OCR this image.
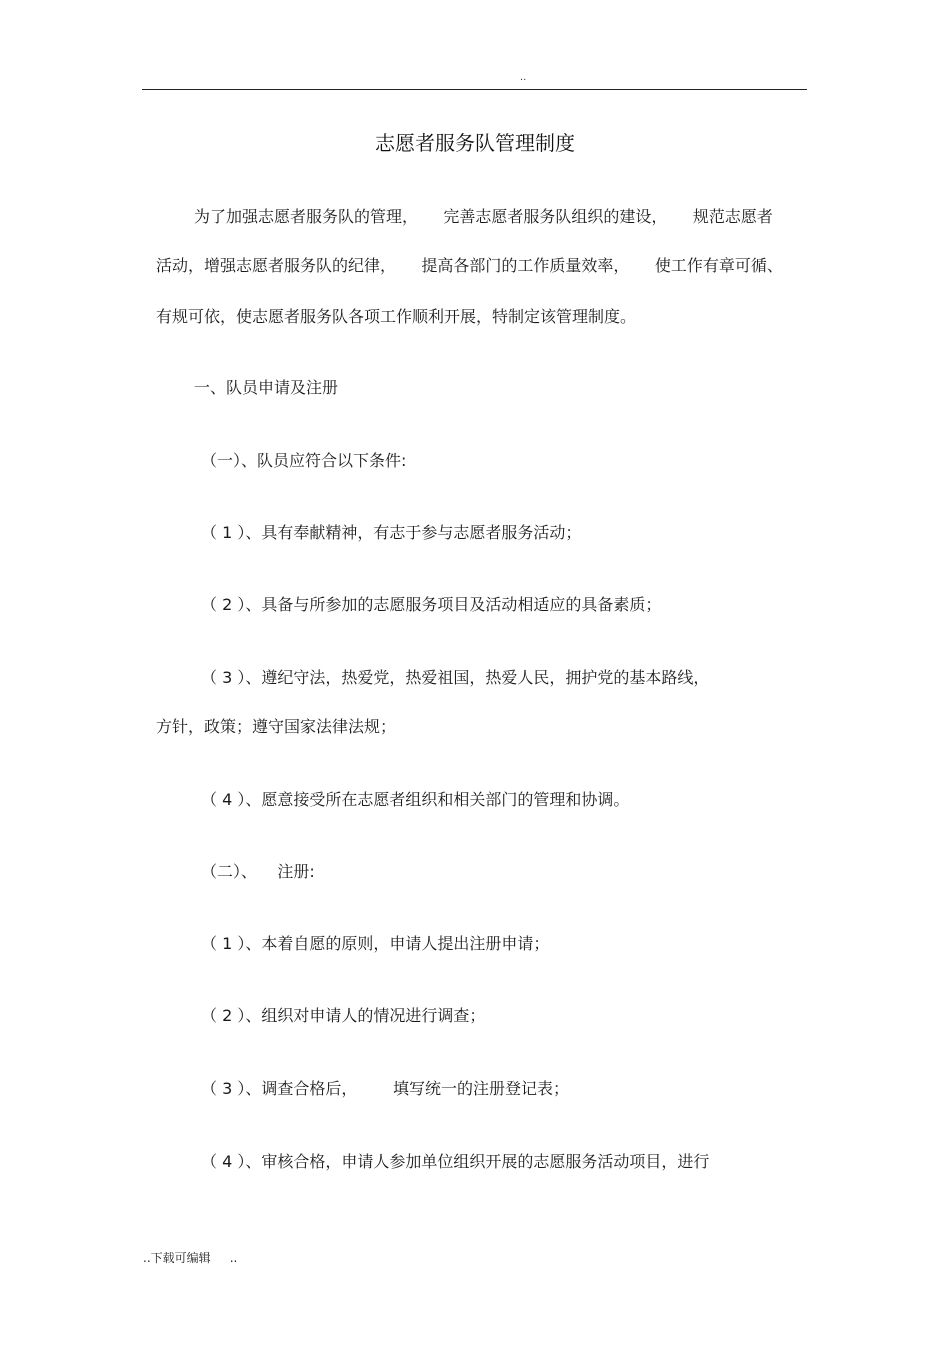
..
志愿者服务队管理制度
为了加强志愿者服务队的管理，     完善志愿者服务队组织的建设，     规范志愿者
活动，增强志愿者服务队的纪律，     提高各部门的工作质量效率，     使工作有章可循、
有规可依，使志愿者服务队各项工作顺利开展，特制定该管理制度。
一、队员申请及注册
（一）、队员应符合以下条件:
（ 1 ）、具有奉献精神，有志于参与志愿者服务活动；
（ 2 ）、具备与所参加的志愿服务项目及活动相适应的具备素质；
（ 3 ）、遵纪守法，热爱党，热爱祖国，热爱人民，拥护党的基本路线，
方针，政策；遵守国家法律法规；
（ 4 ）、愿意接受所在志愿者组织和相关部门的管理和协调。
（二）、    注册:
（ 1 ）、本着自愿的原则，申请人提出注册申请；
（ 2 ）、组织对申请人的情况进行调查；
（ 3 ）、调查合格后，       填写统一的注册登记表；
（ 4 ）、审核合格，申请人参加单位组织开展的志愿服务活动项目，进行
..下载可编辑     ..
